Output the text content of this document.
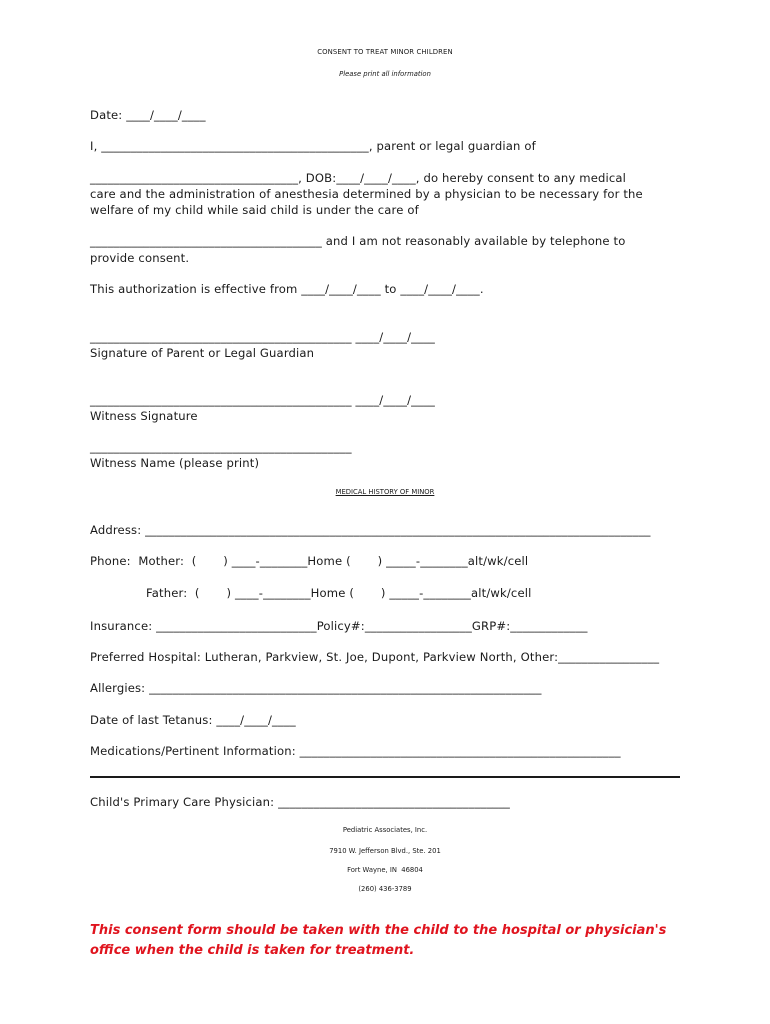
CONSENT TO TREAT MINOR CHILDREN
Please print all information
Date: ____/____/____
I, _____________________________________________, parent or legal guardian of
___________________________________, DOB:____/____/____, do hereby consent to any medical
care and the administration of anesthesia determined by a physician to be necessary for the
welfare of my child while said child is under the care of
_______________________________________ and I am not reasonably available by telephone to
provide consent.
This authorization is effective from ____/____/____ to ____/____/____.
____________________________________________ ____/____/____
Signature of Parent or Legal Guardian
____________________________________________ ____/____/____
Witness Signature
____________________________________________
Witness Name (please print)
MEDICAL HISTORY OF MINOR
Address: _____________________________________________________________________________________
Phone:  Mother:  (       ) ____-________Home (       ) _____-________alt/wk/cell
Father:  (       ) ____-________Home (       ) _____-________alt/wk/cell
Insurance: ___________________________Policy#:__________________GRP#:_____________
Preferred Hospital: Lutheran, Parkview, St. Joe, Dupont, Parkview North, Other:_________________
Allergies: __________________________________________________________________
Date of last Tetanus: ____/____/____
Medications/Pertinent Information: ______________________________________________________
Child's Primary Care Physician: _______________________________________
Pediatric Associates, Inc.
7910 W. Jefferson Blvd., Ste. 201
Fort Wayne, IN  46804
(260) 436-3789
This consent form should be taken with the child to the hospital or physician's
office when the child is taken for treatment.
